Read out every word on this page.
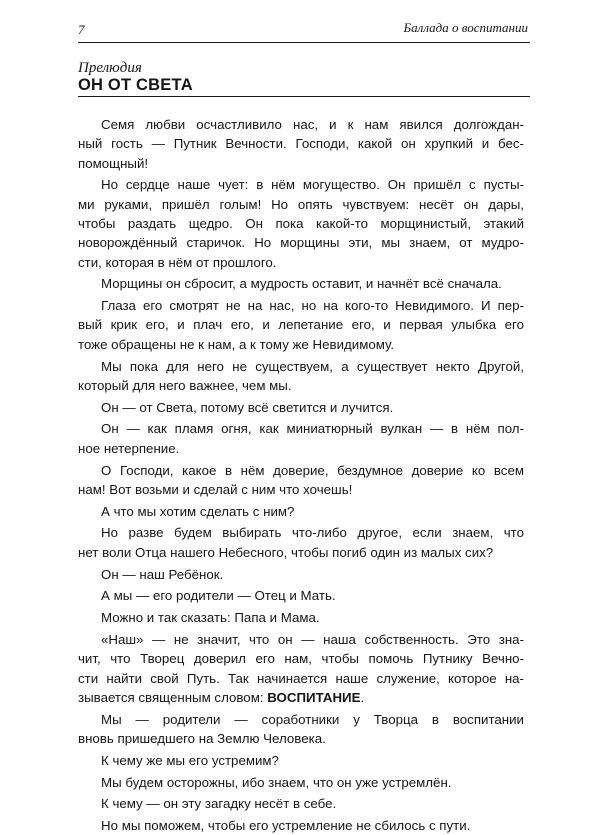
7	Баллада о воспитании
Прелюдия
ОН ОТ СВЕТА
Семя любви осчастливило нас, и к нам явился долгождан-
ный гость — Путник Вечности. Господи, какой он хрупкий и бес-
помощный!
Но сердце наше чует: в нём могущество. Он пришёл с пусты-
ми руками, пришёл голым! Но опять чувствуем: несёт он дары,
чтобы раздать щедро. Он пока какой-то морщинистый, этакий
новорождённый старичок. Но морщины эти, мы знаем, от мудро-
сти, которая в нём от прошлого.
Морщины он сбросит, а мудрость оставит, и начнёт всё сначала.
Глаза его смотрят не на нас, но на кого-то Невидимого. И пер-
вый крик его, и плач его, и лепетание его, и первая улыбка его
тоже обращены не к нам, а к тому же Невидимому.
Мы пока для него не существуем, а существует некто Другой,
который для него важнее, чем мы.
Он — от Света, потому всё светится и лучится.
Он — как пламя огня, как миниатюрный вулкан — в нём пол-
ное нетерпение.
О Господи, какое в нём доверие, бездумное доверие ко всем
нам! Вот возьми и сделай с ним что хочешь!
А что мы хотим сделать с ним?
Но разве будем выбирать что-либо другое, если знаем, что
нет воли Отца нашего Небесного, чтобы погиб один из малых сих?
Он — наш Ребёнок.
А мы — его родители — Отец и Мать.
Можно и так сказать: Папа и Мама.
«Наш» — не значит, что он — наша собственность. Это зна-
чит, что Творец доверил его нам, чтобы помочь Путнику Вечно-
сти найти свой Путь. Так начинается наше служение, которое на-
зывается священным словом: ВОСПИТАНИЕ.
Мы — родители — соработники у Творца в воспитании
вновь пришедшего на Землю Человека.
К чему же мы его устремим?
Мы будем осторожны, ибо знаем, что он уже устремлён.
К чему — он эту загадку несёт в себе.
Но мы поможем, чтобы его устремление не сбилось с пути.
